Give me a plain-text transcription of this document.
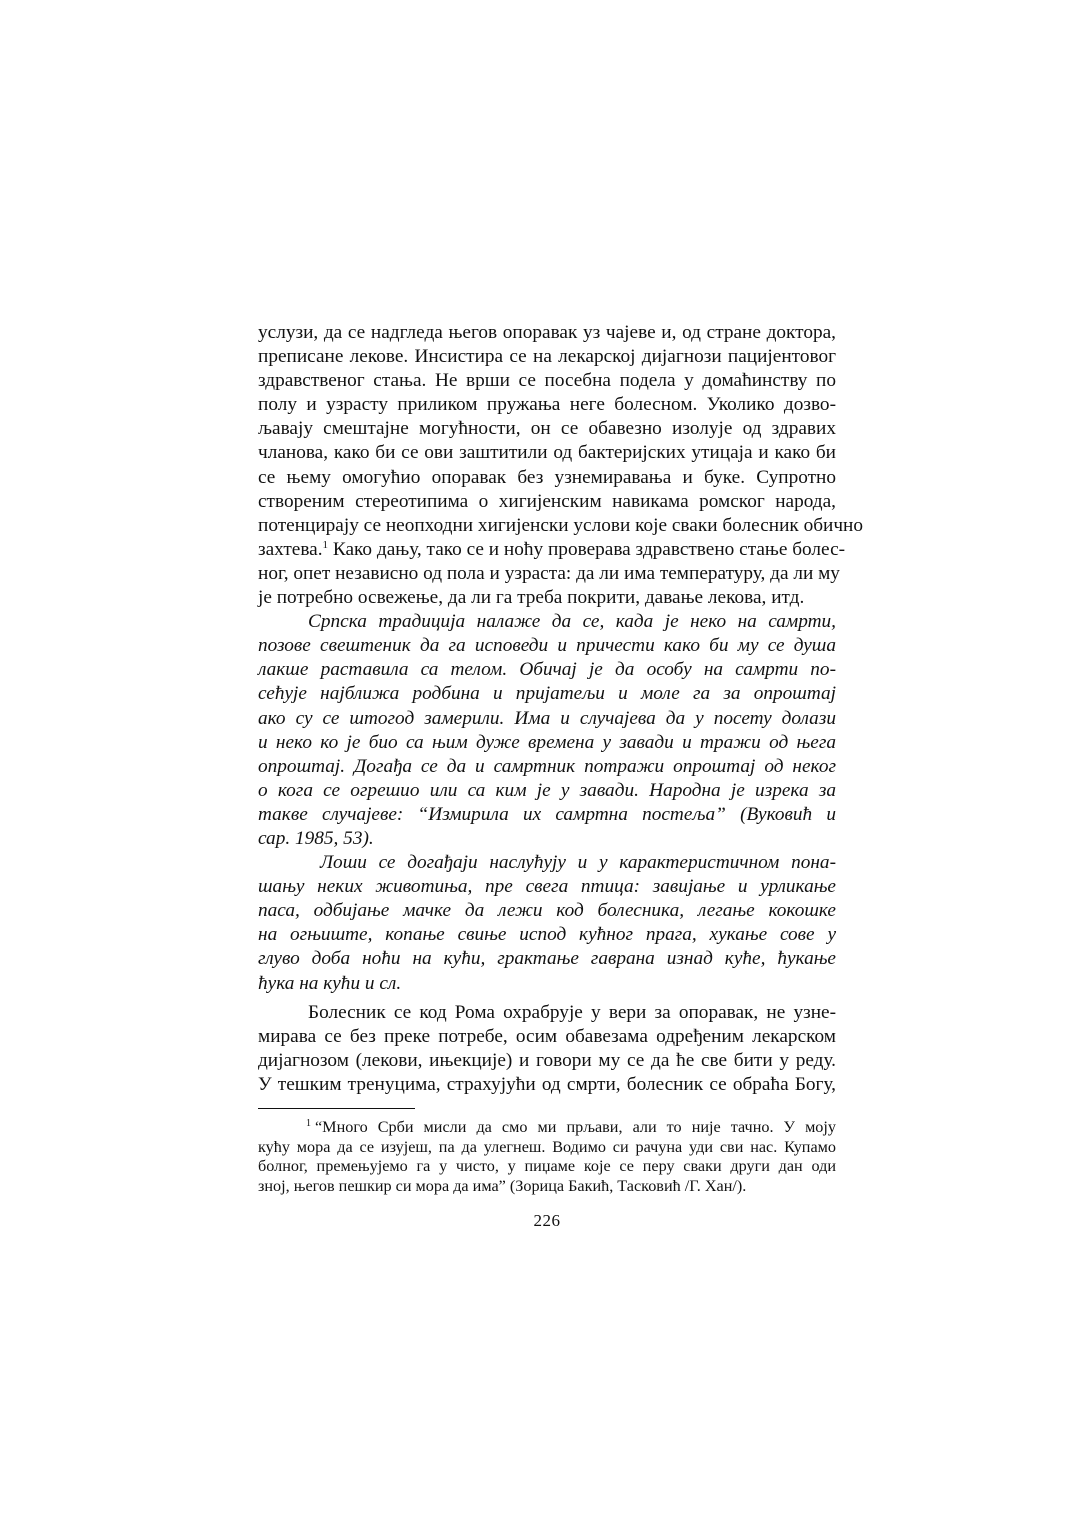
услузи, да се надгледа његов опоравак уз чајеве и, од стране доктора,
преписане лекове. Инсистира се на лекарској дијагнози пацијентовог
здравственог стања. Не врши се посебна подела у домаћинству по
полу и узрасту приликом пружања неге болесном. Уколико дозво-
љавају смештајне могућности, он се обавезно изолује од здравих
чланова, како би се ови заштитили од бактеријских утицаја и како би
се њему омогућио опоравак без узнемиравања и буке. Супротно
створеним стереотипима о хигијенским навикама ромског народа,
потенцирају се неопходни хигијенски услови које сваки болесник обично
захтева.$^1$ Како дању, тако се и ноћу проверава здравствено стање болес-
ног, опет независно од пола и узраста: да ли има температуру, да ли му
је потребно освежење, да ли га треба покрити, давање лекова, итд.

Српска традиција налаже да се, када је неко на самрти,
позове свештеник да га исповеди и причести како би му се душа
лакше раставила са телом. Обичај је да особу на самрти по-
сећује најближа родбина и пријатељи и моле га за опроштај
ако су се штогод замерили. Има и случајева да у посету долази
и неко ко је био са њим дуже времена у завади и тражи од њега
опроштај. Догађа се да и самртник потражи опроштај од неког
о кога се огрешио или са ким је у завади. Народна је изрека за
такве случајеве: “Измирила их самртна постеља” (Вуковић и
сар. 1985, 53).

Лоши се догађаји наслућују и у карактеристичном пона-
шању неких животиња, пре свега птица: завијање и урликање
паса, одбијање мачке да лежи код болесника, легање кокошке
на огњиште, копање свиње испод кућног прага, хукање сове у
глуво доба ноћи на кући, грактање гаврана изнад куће, ћукање
ћука на кући и сл.

Болесник се код Рома охрабрује у вери за опоравак, не узне-
мирава се без преке потребе, осим обавезама одређеним лекарском
дијагнозом (лекови, ињекције) и говори му се да ће све бити у реду.
У тешким тренуцима, страхујући од смрти, болесник се обраћа Богу,

$^1$ “Много Срби мисли да смо ми прљави, али то није тачно. У моју
кућу мора да се изујеш, па да улегнеш. Водимо си рачуна уди сви нас. Купамо
болног, премењујемо га у чисто, у пиџаме које се перу сваки други дан оди
зној, његов пешкир си мора да има” (Зорица Бакић, Тасковић /Г. Хан/).
226
